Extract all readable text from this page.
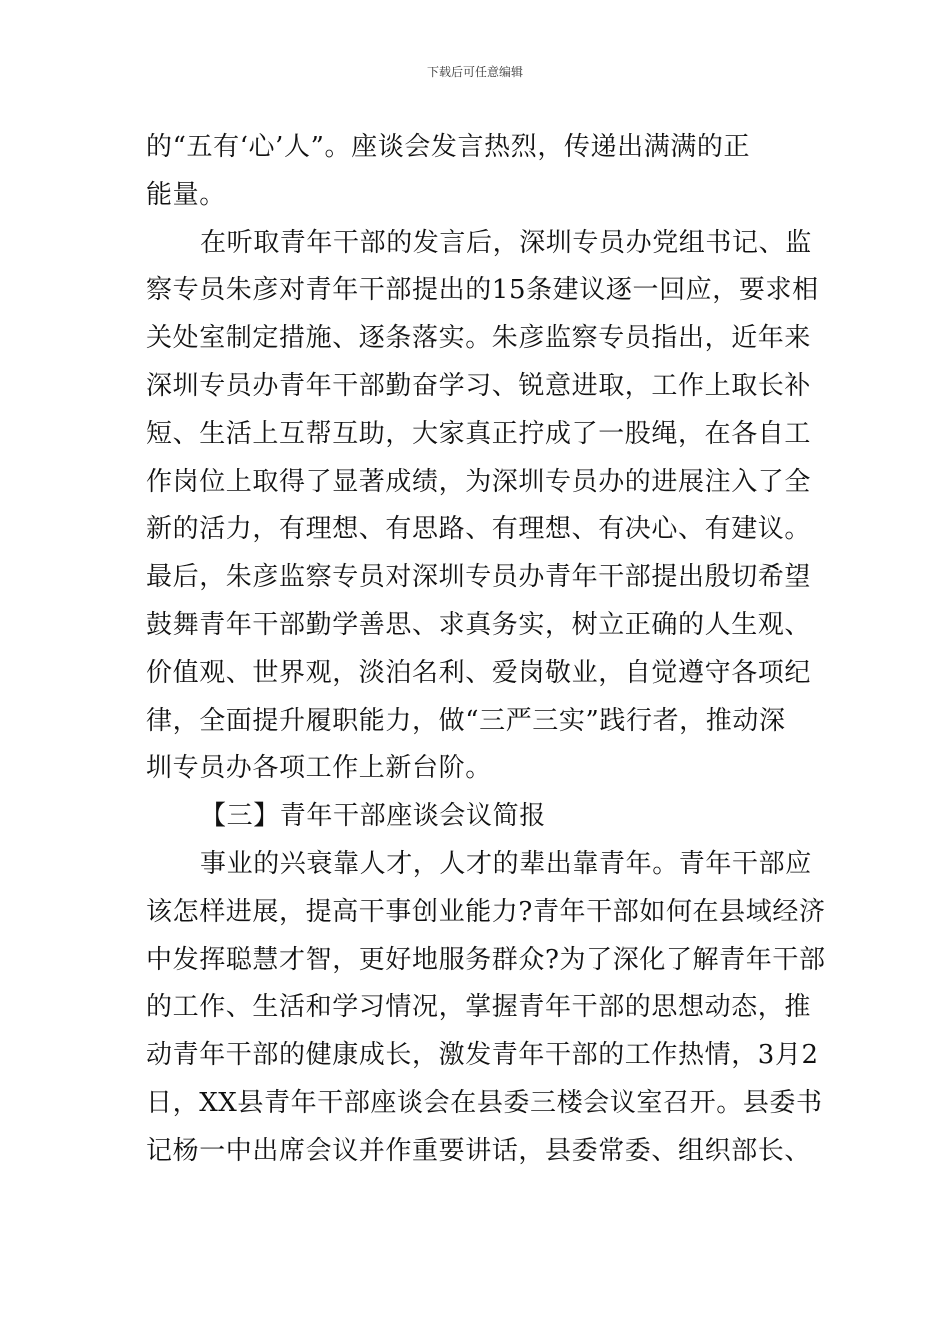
下载后可任意编辑
的“五有‘心’人”。座谈会发言热烈，传递出满满的正
能量。
在听取青年干部的发言后，深圳专员办党组书记、监
察专员朱彦对青年干部提出的15条建议逐一回应，要求相
关处室制定措施、逐条落实。朱彦监察专员指出，近年来
深圳专员办青年干部勤奋学习、锐意进取，工作上取长补
短、生活上互帮互助，大家真正拧成了一股绳，在各自工
作岗位上取得了显著成绩，为深圳专员办的进展注入了全
新的活力，有理想、有思路、有理想、有决心、有建议。
最后，朱彦监察专员对深圳专员办青年干部提出殷切希望
鼓舞青年干部勤学善思、求真务实，树立正确的人生观、
价值观、世界观，淡泊名利、爱岗敬业，自觉遵守各项纪
律，全面提升履职能力，做“三严三实”践行者，推动深
圳专员办各项工作上新台阶。
【三】青年干部座谈会议简报
事业的兴衰靠人才，人才的辈出靠青年。青年干部应
该怎样进展，提高干事创业能力?青年干部如何在县域经济
中发挥聪慧才智，更好地服务群众?为了深化了解青年干部
的工作、生活和学习情况，掌握青年干部的思想动态，推
动青年干部的健康成长，激发青年干部的工作热情，3月2
日，XX县青年干部座谈会在县委三楼会议室召开。县委书
记杨一中出席会议并作重要讲话，县委常委、组织部长、
